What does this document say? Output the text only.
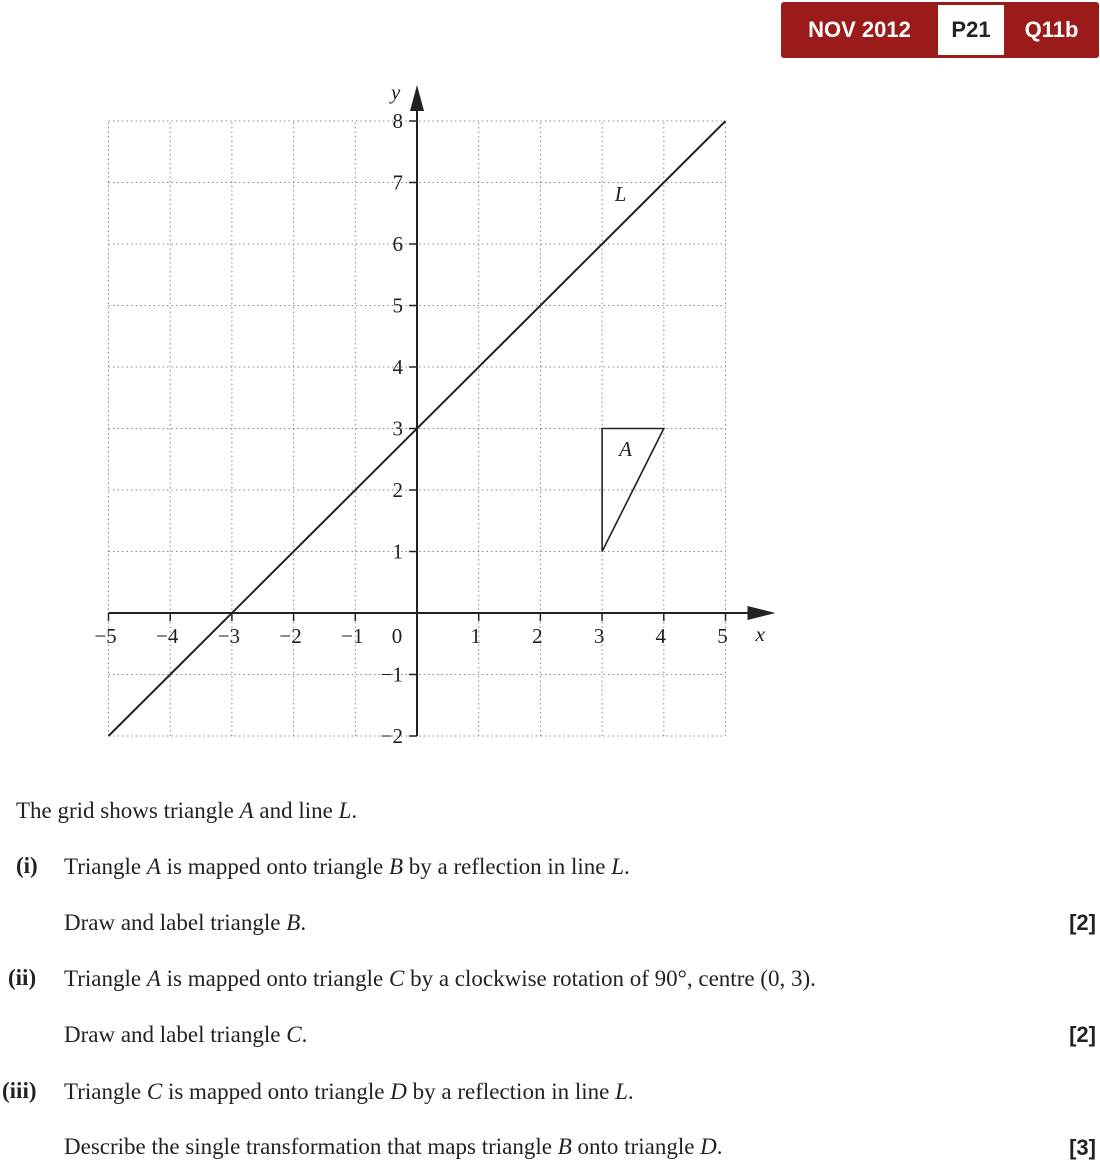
NOV 2012	P21	Q11b
−5 −4 −3 −2 −1	1 2 3 4 5
−2
−1
1
2
3
4
5
6
7
8
L
A
x
y
0
The grid shows triangle A and line L.
(i) Triangle A is mapped onto triangle B by a reflection in line L.
Draw and label triangle B.	[2]
(ii) Triangle A is mapped onto triangle C by a clockwise rotation of 90°, centre (0, 3).
Draw and label triangle C.	[2]
(iii) Triangle C is mapped onto triangle D by a reflection in line L.
Describe the single transformation that maps triangle B onto triangle D.	[3]
